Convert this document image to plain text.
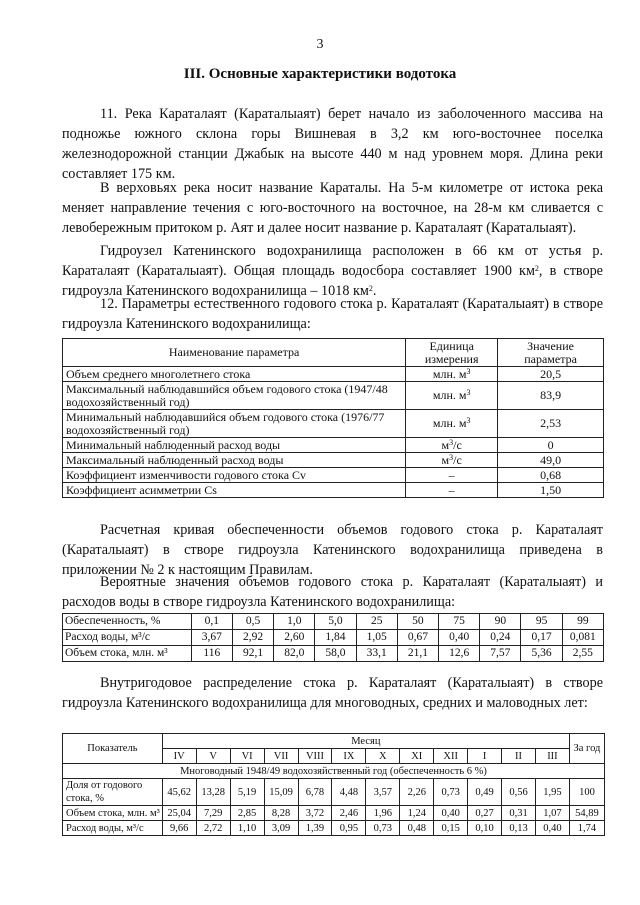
3
III. Основные характеристики водотока

11. Река Караталаят (Караталыаят) берет начало из заболоченного массива на подножье южного склона горы Вишневая в 3,2 км юго-восточнее поселка железнодорожной станции Джабык на высоте 440 м над уровнем моря. Длина реки составляет 175 км.

В верховьях река носит название Караталы. На 5-м километре от истока река меняет направление течения с юго-восточного на восточное, на 28-м км сливается с левобережным притоком р. Аят и далее носит название р. Караталаят (Караталыаят).

Гидроузел Катенинского водохранилища расположен в 66 км от устья р. Караталаят (Караталыаят). Общая площадь водосбора составляет 1900 $км^2$, в створе гидроузла Катенинского водохранилища – 1018 $км^2$.

12. Параметры естественного годового стока р. Караталаят (Караталыаят) в створе гидроузла Катенинского водохранилища:

Наименование параметра	Единица измерения	Значение параметра
Объем среднего многолетнего стока	млн. $м^3$	20,5
Максимальный наблюдавшийся объем годового стока (1947/48 водохозяйственный год)	млн. $м^3$	83,9
Минимальный наблюдавшийся объем годового стока (1976/77 водохозяйственный год)	млн. $м^3$	2,53
Минимальный наблюденный расход воды	$м^3/с$	0
Максимальный наблюденный расход воды	$м^3/с$	49,0
Коэффициент изменчивости годового стока Cv	–	0,68
Коэффициент асимметрии Cs	–	1,50

Расчетная кривая обеспеченности объемов годового стока р. Караталаят (Караталыаят) в створе гидроузла Катенинского водохранилища приведена в приложении № 2 к настоящим Правилам.

Вероятные значения объемов годового стока р. Караталаят (Караталыаят) и расходов воды в створе гидроузла Катенинского водохранилища:

Обеспеченность, %	0,1	0,5	1,0	5,0	25	50	75	90	95	99
Расход воды, м³/с	3,67	2,92	2,60	1,84	1,05	0,67	0,40	0,24	0,17	0,081
Объем стока, млн. м³	116	92,1	82,0	58,0	33,1	21,1	12,6	7,57	5,36	2,55

Внутригодовое распределение стока р. Караталаят (Караталыаят) в створе гидроузла Катенинского водохранилища для многоводных, средних и маловодных лет:

Показатель	Месяц												За год
	IV	V	VI	VII	VIII	IX	X	XI	XII	I	II	III	
Многоводный 1948/49 водохозяйственный год (обеспеченность 6 %)													
Доля от годового стока, %	45,62	13,28	5,19	15,09	6,78	4,48	3,57	2,26	0,73	0,49	0,56	1,95	100
Объем стока, млн. м³	25,04	7,29	2,85	8,28	3,72	2,46	1,96	1,24	0,40	0,27	0,31	1,07	54,89
Расход воды, м³/с	9,66	2,72	1,10	3,09	1,39	0,95	0,73	0,48	0,15	0,10	0,13	0,40	1,74
